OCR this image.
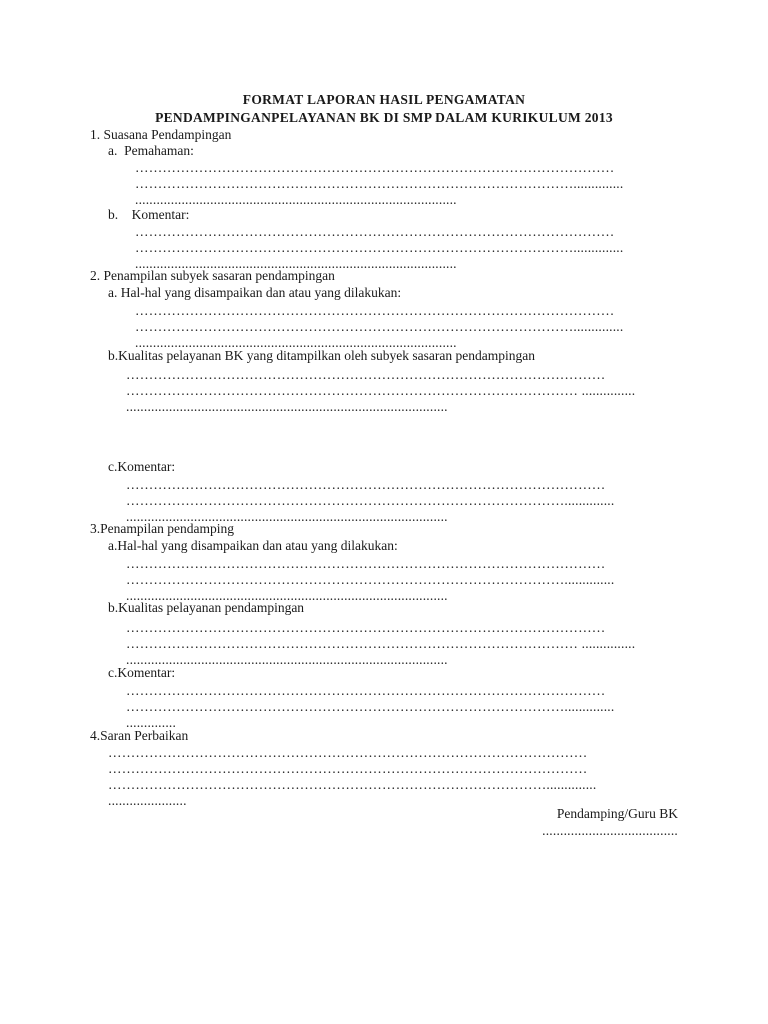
FORMAT LAPORAN HASIL PENGAMATAN
PENDAMPINGANPELAYANAN BK DI SMP DALAM KURIKULUM 2013
1. Suasana Pendampingan
a.  Pemahaman:
……………………………………………………………………………………………
……………………………………………………………………………………..............
..........................................................................................
b.    Komentar:
……………………………………………………………………………………………
……………………………………………………………………………………..............
..........................................................................................
2. Penampilan subyek sasaran pendampingan
a. Hal-hal yang disampaikan dan atau yang dilakukan:
……………………………………………………………………………………………
……………………………………………………………………………………..............
..........................................................................................
b.Kualitas pelayanan BK yang ditampilkan oleh subyek sasaran pendampingan
……………………………………………………………………………………………
……………………………………………………………………………………… ...............
..........................................................................................
c.Komentar:
……………………………………………………………………………………………
……………………………………………………………………………………..............
..........................................................................................
3.Penampilan pendamping
a.Hal-hal yang disampaikan dan atau yang dilakukan:
……………………………………………………………………………………………
……………………………………………………………………………………..............
..........................................................................................
b.Kualitas pelayanan pendampingan
……………………………………………………………………………………………
……………………………………………………………………………………… ...............
..........................................................................................
c.Komentar:
……………………………………………………………………………………………
……………………………………………………………………………………..............
..............
4.Saran Perbaikan
……………………………………………………………………………………………
……………………………………………………………………………………………
……………………………………………………………………………………..............
......................
Pendamping/Guru BK
......................................
